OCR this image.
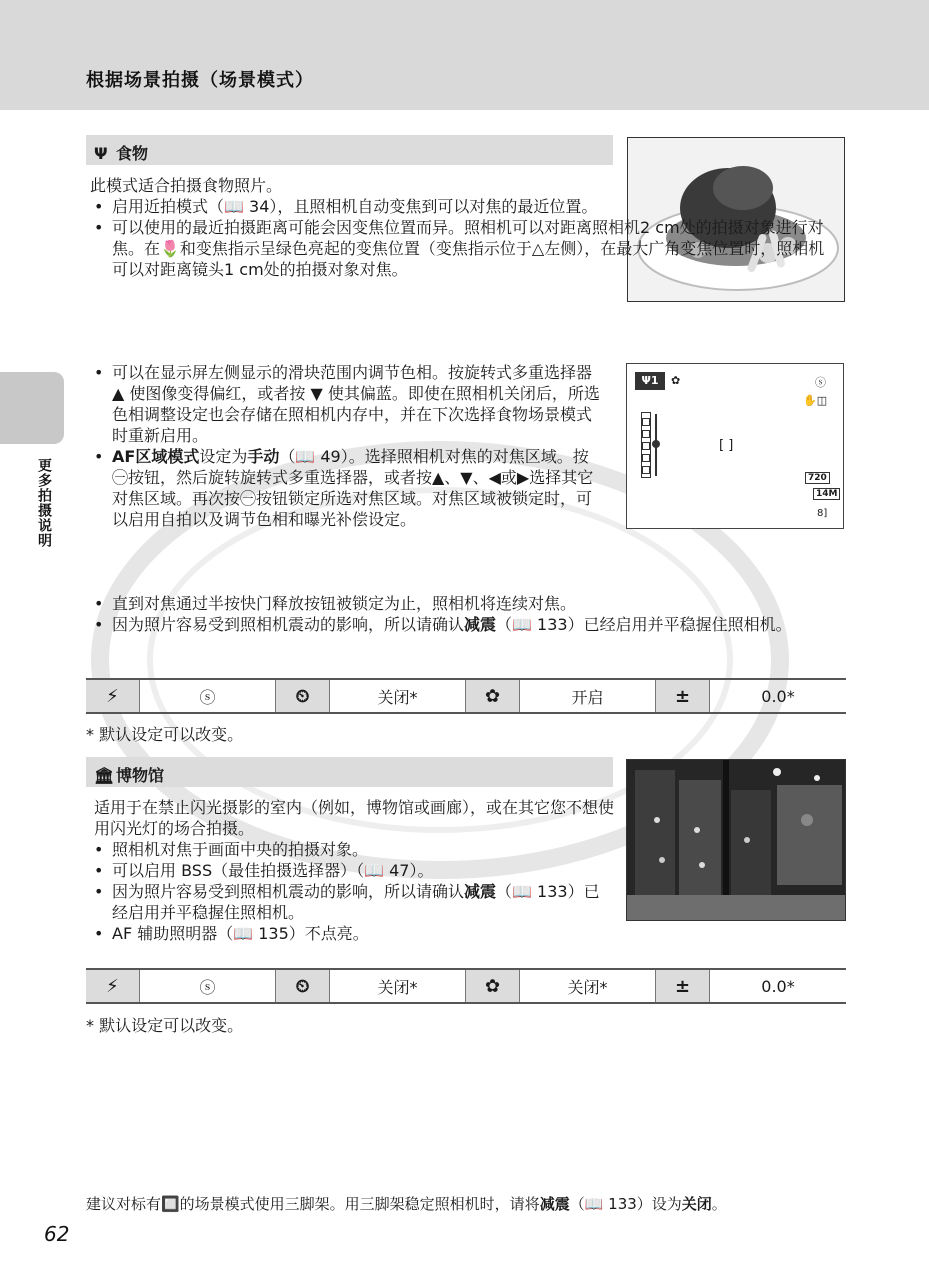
根据场景拍摄（场景模式）
更多拍摄说明
Ψ 食物
此模式适合拍摄食物照片。
• 启用近拍模式（📖 34），且照相机自动变焦到可以对焦的最近位置。
• 可以使用的最近拍摄距离可能会因变焦位置而异。照相机可以对距离照相机2 cm处的拍摄对象进行对焦。在🌷和变焦指示呈绿色亮起的变焦位置（变焦指示位于△左侧），在最大广角变焦位置时，照相机可以对距离镜头1 cm处的拍摄对象对焦。
• 可以在显示屏左侧显示的滑块范围内调节色相。按旋转式多重选择器 ▲ 使图像变得偏红，或者按 ▼ 使其偏蓝。即使在照相机关闭后，所选色相调整设定也会存储在照相机内存中，并在下次选择食物场景模式时重新启用。
• AF区域模式设定为手动（📖 49）。选择照相机对焦的对焦区域。按㊀按钮，然后旋转旋转式多重选择器，或者按▲、▼、◀或▶选择其它对焦区域。再次按㊀按钮锁定所选对焦区域。对焦区域被锁定时，可以启用自拍以及调节色相和曝光补偿设定。
• 直到对焦通过半按快门释放按钮被锁定为止，照相机将连续对焦。
• 因为照片容易受到照相机震动的影响，所以请确认减震（📖 133）已经启用并平稳握住照相机。
Ψ1	✿	ⓢ
✋◫
[ ]
720
14M
8]
⚡	ⓢ	⏲	关闭*	✿	开启	±	0.0*
* 默认设定可以改变。
🏛 博物馆
适用于在禁止闪光摄影的室内（例如，博物馆或画廊），或在其它您不想使用闪光灯的场合拍摄。
• 照相机对焦于画面中央的拍摄对象。
• 可以启用 BSS（最佳拍摄选择器）（📖 47）。
• 因为照片容易受到照相机震动的影响，所以请确认减震（📖 133）已经启用并平稳握住照相机。
• AF 辅助照明器（📖 135）不点亮。
⚡	ⓢ	⏲	关闭*	✿	关闭*	±	0.0*
* 默认设定可以改变。
建议对标有🔲的场景模式使用三脚架。用三脚架稳定照相机时，请将减震（📖 133）设为关闭。
62
